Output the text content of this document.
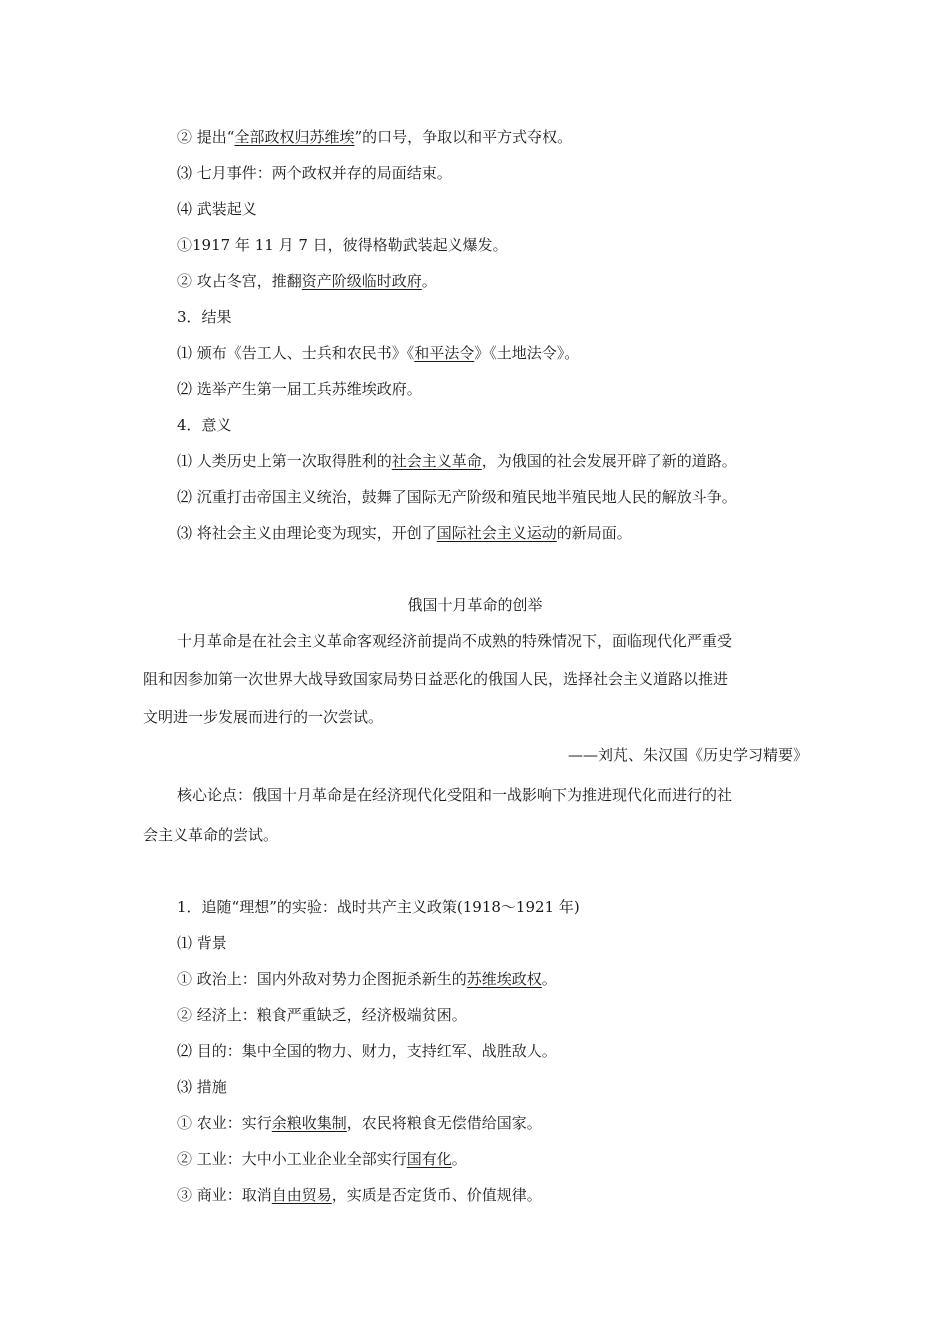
② 提出“全部政权归苏维埃”的口号，争取以和平方式夺权。
⑶ 七月事件：两个政权并存的局面结束。
⑷ 武装起义
①1917 年 11 月 7 日，彼得格勒武装起义爆发。
② 攻占冬宫，推翻资产阶级临时政府。
3．结果
⑴ 颁布《告工人、士兵和农民书》《和平法令》《土地法令》。
⑵ 选举产生第一届工兵苏维埃政府。
4．意义
⑴ 人类历史上第一次取得胜利的社会主义革命，为俄国的社会发展开辟了新的道路。
⑵ 沉重打击帝国主义统治，鼓舞了国际无产阶级和殖民地半殖民地人民的解放斗争。
⑶ 将社会主义由理论变为现实，开创了国际社会主义运动的新局面。
俄国十月革命的创举
十月革命是在社会主义革命客观经济前提尚不成熟的特殊情况下，面临现代化严重受
阻和因参加第一次世界大战导致国家局势日益恶化的俄国人民，选择社会主义道路以推进
文明进一步发展而进行的一次尝试。
——刘芃、朱汉国《历史学习精要》
核心论点：俄国十月革命是在经济现代化受阻和一战影响下为推进现代化而进行的社
会主义革命的尝试。
1．追随“理想”的实验：战时共产主义政策(1918～1921 年)
⑴ 背景
① 政治上：国内外敌对势力企图扼杀新生的苏维埃政权。
② 经济上：粮食严重缺乏，经济极端贫困。
⑵ 目的：集中全国的物力、财力，支持红军、战胜敌人。
⑶ 措施
① 农业：实行余粮收集制，农民将粮食无偿借给国家。
② 工业：大中小工业企业全部实行国有化。
③ 商业：取消自由贸易，实质是否定货币、价值规律。
